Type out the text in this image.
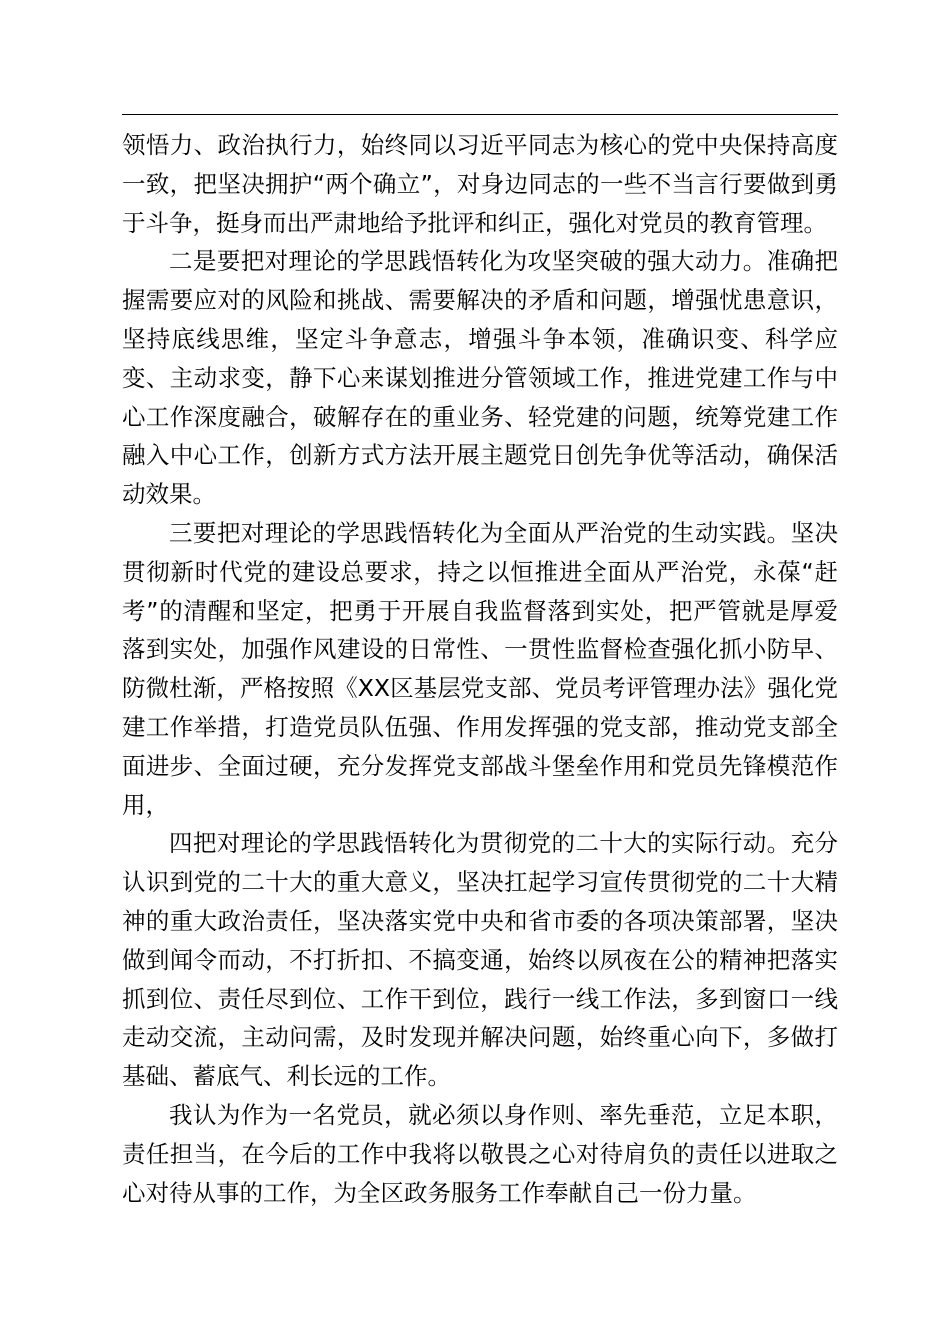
领悟力、政治执行力，始终同以习近平同志为核心的党中央保持高度一致，把坚决拥护“两个确立”，对身边同志的一些不当言行要做到勇于斗争，挺身而出严肃地给予批评和纠正，强化对党员的教育管理。

二是要把对理论的学思践悟转化为攻坚突破的强大动力。准确把握需要应对的风险和挑战、需要解决的矛盾和问题，增强忧患意识，坚持底线思维，坚定斗争意志，增强斗争本领，准确识变、科学应变、主动求变，静下心来谋划推进分管领域工作，推进党建工作与中心工作深度融合，破解存在的重业务、轻党建的问题，统筹党建工作融入中心工作，创新方式方法开展主题党日创先争优等活动，确保活动效果。

三要把对理论的学思践悟转化为全面从严治党的生动实践。坚决贯彻新时代党的建设总要求，持之以恒推进全面从严治党，永葆“赶考”的清醒和坚定，把勇于开展自我监督落到实处，把严管就是厚爱落到实处，加强作风建设的日常性、一贯性监督检查强化抓小防早、防微杜渐，严格按照《XX区基层党支部、党员考评管理办法》强化党建工作举措，打造党员队伍强、作用发挥强的党支部，推动党支部全面进步、全面过硬，充分发挥党支部战斗堡垒作用和党员先锋模范作用，

四把对理论的学思践悟转化为贯彻党的二十大的实际行动。充分认识到党的二十大的重大意义，坚决扛起学习宣传贯彻党的二十大精神的重大政治责任，坚决落实党中央和省市委的各项决策部署，坚决做到闻令而动，不打折扣、不搞变通，始终以夙夜在公的精神把落实抓到位、责任尽到位、工作干到位，践行一线工作法，多到窗口一线走动交流，主动问需，及时发现并解决问题，始终重心向下，多做打基础、蓄底气、利长远的工作。

我认为作为一名党员，就必须以身作则、率先垂范，立足本职，责任担当，在今后的工作中我将以敬畏之心对待肩负的责任以进取之心对待从事的工作，为全区政务服务工作奉献自己一份力量。
